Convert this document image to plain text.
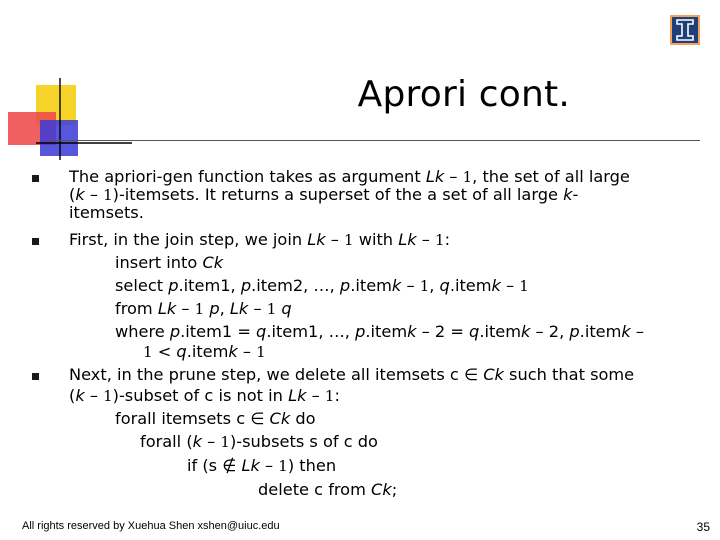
Aprori cont.
The apriori-gen function takes as argument Lk – 1, the set of all large
(k – 1)-itemsets. It returns a superset of the a set of all large k-
itemsets.
First, in the join step, we join Lk – 1 with Lk – 1:
insert into Ck
select p.item1, p.item2, …, p.itemk – 1, q.itemk – 1
from Lk – 1 p, Lk – 1 q
where p.item1 = q.item1, …, p.itemk – 2 = q.itemk – 2, p.itemk –
1 < q.itemk – 1
Next, in the prune step, we delete all itemsets c ∈ Ck such that some
(k – 1)-subset of c is not in Lk – 1:
forall itemsets c ∈ Ck do
forall (k – 1)-subsets s of c do
if (s ∉ Lk – 1) then
delete c from Ck;
All rights reserved by Xuehua Shen xshen@uiuc.edu	35
